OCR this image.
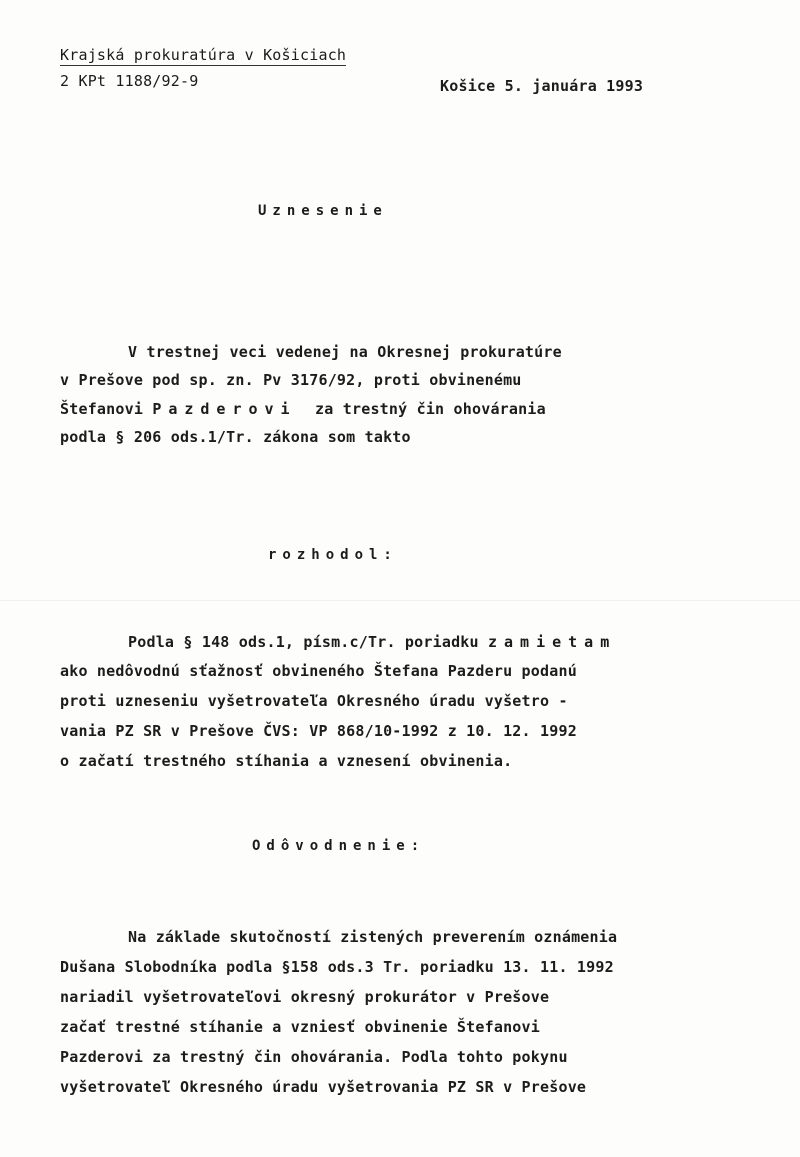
Krajská prokuratúra v Košiciach
2 KPt 1188/92-9	Košice 5. januára 1993
Uznesenie
V trestnej veci vedenej na Okresnej prokuratúre
v Prešove pod sp. zn. Pv 3176/92, proti obvinenému
Štefanovi Pazderovi  za trestný čin ohovárania
podla § 206 ods.1/Tr. zákona som takto
rozhodol:
Podla § 148 ods.1, písm.c/Tr. poriadku zamietam
ako nedôvodnú sťažnosť obvineného Štefana Pazderu podanú
proti uzneseniu vyšetrovateľa Okresného úradu vyšetro -
vania PZ SR v Prešove ČVS: VP 868/10-1992 z 10. 12. 1992
o začatí trestného stíhania a vznesení obvinenia.
Odôvodnenie:
Na základe skutočností zistených preverením oznámenia
Dušana Slobodníka podla §158 ods.3 Tr. poriadku 13. 11. 1992
nariadil vyšetrovateľovi okresný prokurátor v Prešove
začať trestné stíhanie a vzniesť obvinenie Štefanovi
Pazderovi za trestný čin ohovárania. Podla tohto pokynu
vyšetrovateľ Okresného úradu vyšetrovania PZ SR v Prešove
